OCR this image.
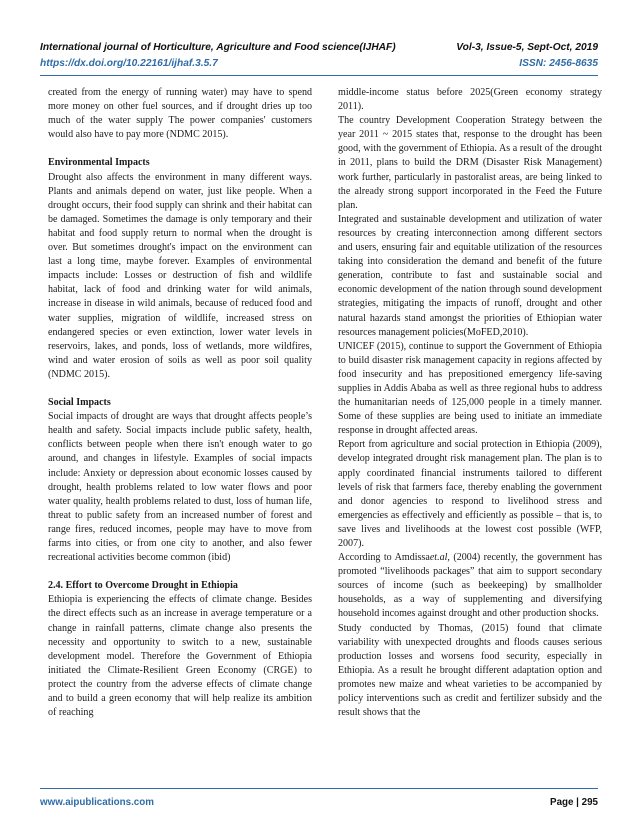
International journal of Horticulture, Agriculture and Food science(IJHAF)	Vol-3, Issue-5, Sept-Oct, 2019
https://dx.doi.org/10.22161/ijhaf.3.5.7	ISSN: 2456-8635

created from the energy of running water) may have to spend more money on other fuel sources, and if drought dries up too much of the water supply The power companies' customers would also have to pay more (NDMC 2015).

Environmental Impacts

Drought also affects the environment in many different ways. Plants and animals depend on water, just like people. When a drought occurs, their food supply can shrink and their habitat can be damaged. Sometimes the damage is only temporary and their habitat and food supply return to normal when the drought is over. But sometimes drought's impact on the environment can last a long time, maybe forever. Examples of environmental impacts include: Losses or destruction of fish and wildlife habitat, lack of food and drinking water for wild animals, increase in disease in wild animals, because of reduced food and water supplies, migration of wildlife, increased stress on endangered species or even extinction, lower water levels in reservoirs, lakes, and ponds, loss of wetlands, more wildfires, wind and water erosion of soils as well as poor soil quality (NDMC 2015).

Social Impacts

Social impacts of drought are ways that drought affects people’s health and safety. Social impacts include public safety, health, conflicts between people when there isn't enough water to go around, and changes in lifestyle. Examples of social impacts include: Anxiety or depression about economic losses caused by drought, health problems related to low water flows and poor water quality, health problems related to dust, loss of human life, threat to public safety from an increased number of forest and range fires, reduced incomes, people may have to move from farms into cities, or from one city to another, and also fewer recreational activities become common (ibid)

2.4. Effort to Overcome Drought in Ethiopia

Ethiopia is experiencing the effects of climate change. Besides the direct effects such as an increase in average temperature or a change in rainfall patterns, climate change also presents the necessity and opportunity to switch to a new, sustainable development model. Therefore the Government of Ethiopia initiated the Climate-Resilient Green Economy (CRGE) to protect the country from the adverse effects of climate change and to build a green economy that will help realize its ambition of reaching

middle-income status before 2025(Green economy strategy 2011).

The country Development Cooperation Strategy between the year 2011 ~ 2015 states that, response to the drought has been good, with the government of Ethiopia. As a result of the drought in 2011, plans to build the DRM (Disaster Risk Management) work further, particularly in pastoralist areas, are being linked to the already strong support incorporated in the Feed the Future plan.

Integrated and sustainable development and utilization of water resources by creating interconnection among different sectors and users, ensuring fair and equitable utilization of the resources taking into consideration the demand and benefit of the future generation, contribute to fast and sustainable social and economic development of the nation through sound development strategies, mitigating the impacts of runoff, drought and other natural hazards stand amongst the priorities of Ethiopian water resources management policies(MoFED,2010).

UNICEF (2015), continue to support the Government of Ethiopia to build disaster risk management capacity in regions affected by food insecurity and has prepositioned emergency life-saving supplies in Addis Ababa as well as three regional hubs to address the humanitarian needs of 125,000 people in a timely manner. Some of these supplies are being used to initiate an immediate response in drought affected areas.

Report from agriculture and social protection in Ethiopia (2009), develop integrated drought risk management plan. The plan is to apply coordinated financial instruments tailored to different levels of risk that farmers face, thereby enabling the government and donor agencies to respond to livelihood stress and emergencies as effectively and efficiently as possible – that is, to save lives and livelihoods at the lowest cost possible (WFP, 2007).

According to Amdissaet.al, (2004) recently, the government has promoted “livelihoods packages” that aim to support secondary sources of income (such as beekeeping) by smallholder households, as a way of supplementing and diversifying household incomes against drought and other production shocks.

Study conducted by Thomas, (2015) found that climate variability with unexpected droughts and floods causes serious production losses and worsens food security, especially in Ethiopia. As a result he brought different adaptation option and promotes new maize and wheat varieties to be accompanied by policy interventions such as credit and fertilizer subsidy and the result shows that the

www.aipublications.com	Page | 295
